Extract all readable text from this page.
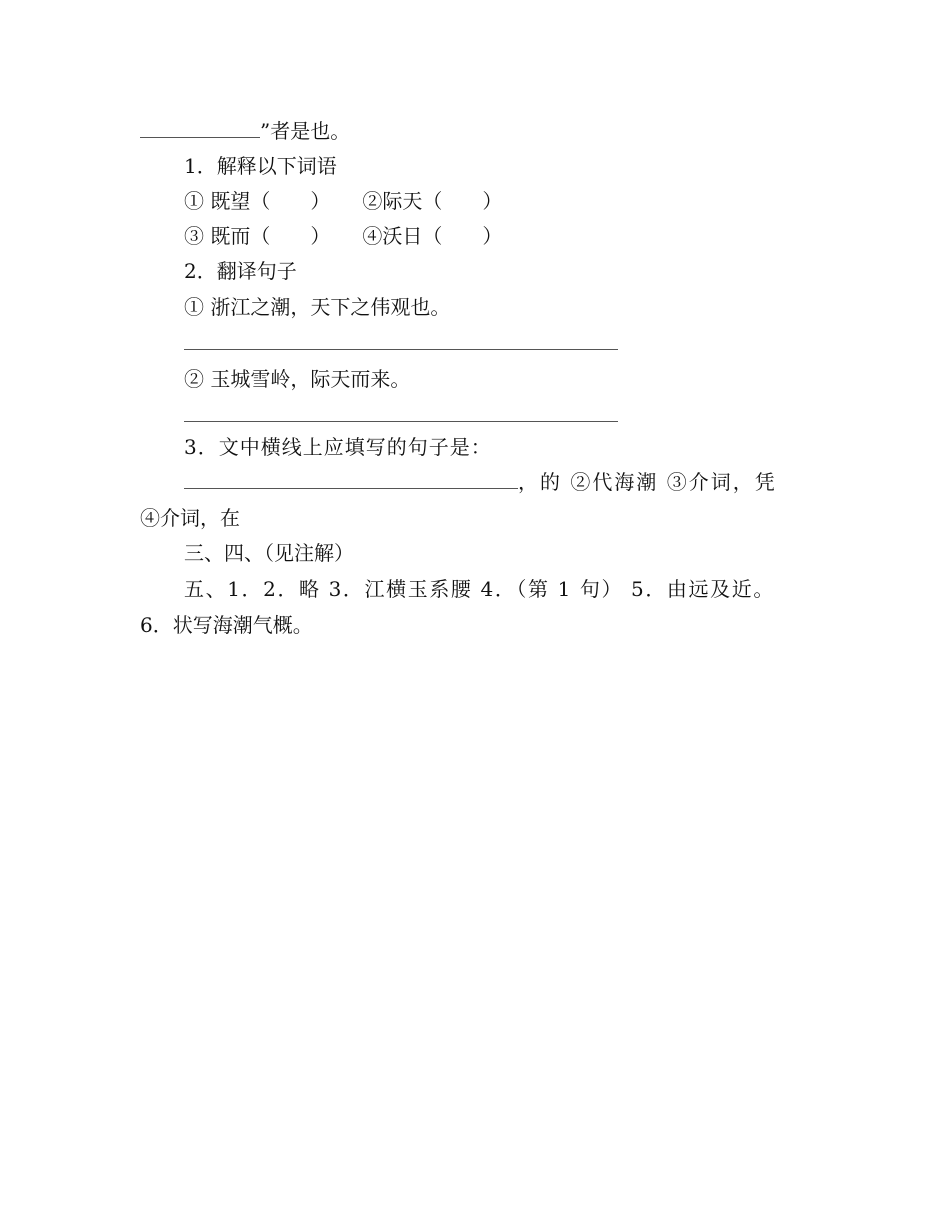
”者是也。
1．解释以下词语
① 既望（　　） ②际天（　　）
③ 既而（　　） ④沃日（　　）
2．翻译句子
① 浙江之潮，天下之伟观也。
② 玉城雪岭，际天而来。
3．文中横线上应填写的句子是：
，的 ②代海潮 ③介词，凭
④介词，在
三、四、（见注解）
五、1．2．略 3．江横玉系腰 4．（第 1 句） 5．由远及近。
6．状写海潮气概。
